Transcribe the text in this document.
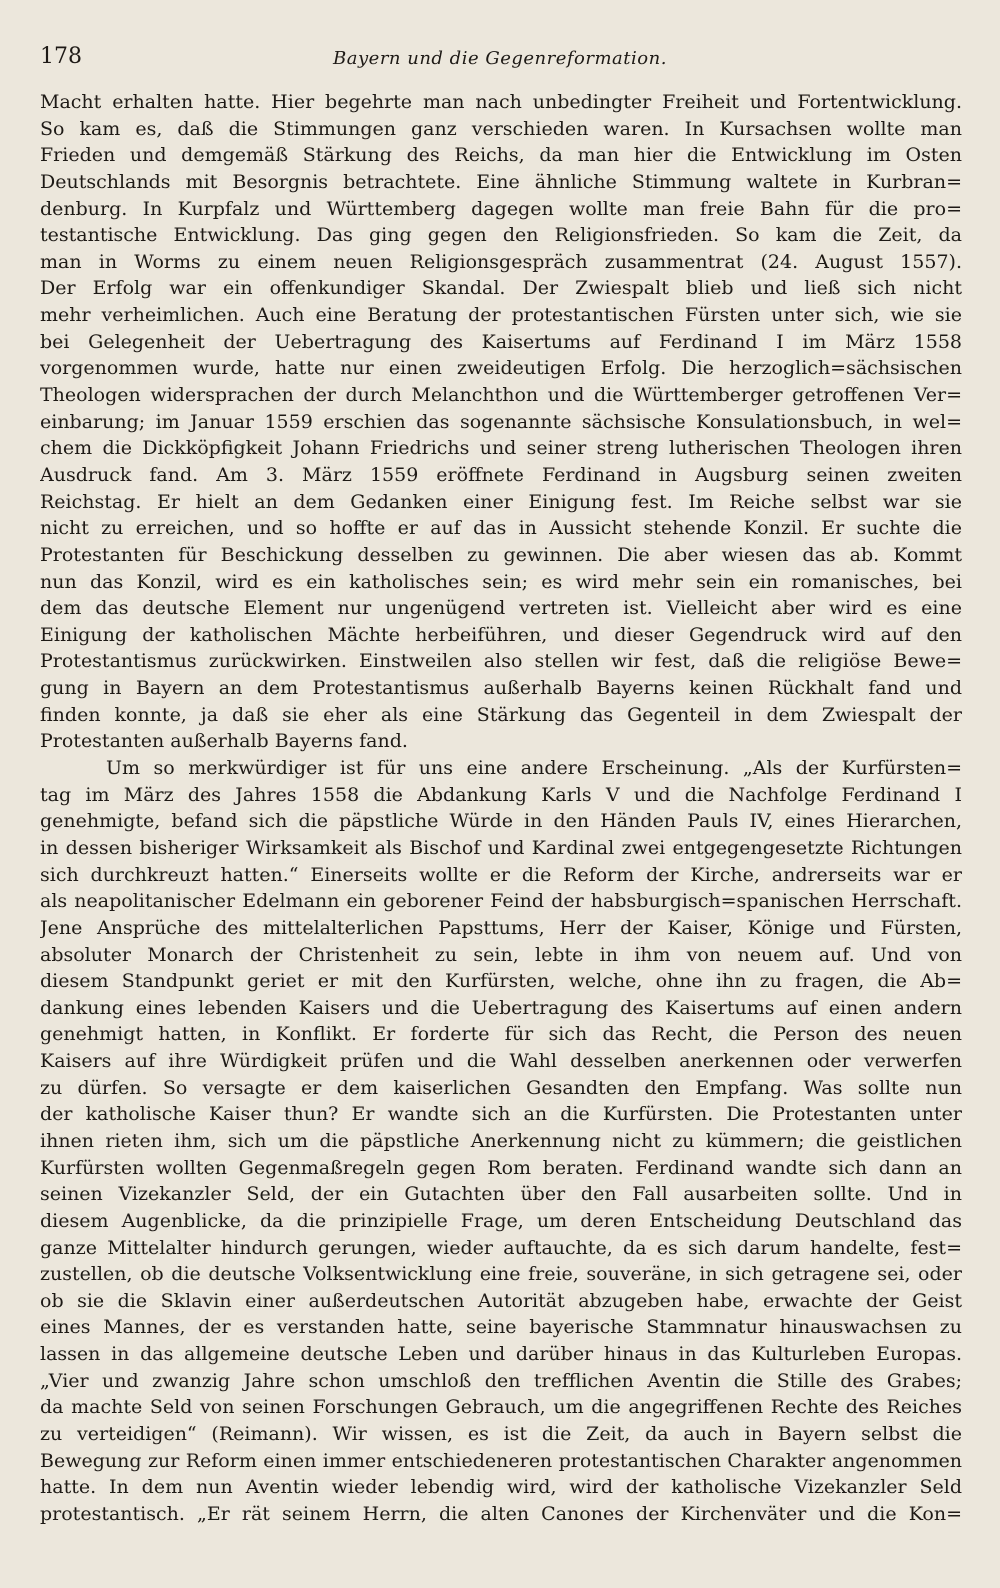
178	Bayern und die Gegenreformation.
Macht erhalten hatte. Hier begehrte man nach unbedingter Freiheit und Fortentwicklung.
So kam es, daß die Stimmungen ganz verschieden waren. In Kursachsen wollte man
Frieden und demgemäß Stärkung des Reichs, da man hier die Entwicklung im Osten
Deutschlands mit Besorgnis betrachtete. Eine ähnliche Stimmung waltete in Kurbran=
denburg. In Kurpfalz und Württemberg dagegen wollte man freie Bahn für die pro=
testantische Entwicklung. Das ging gegen den Religionsfrieden. So kam die Zeit, da
man in Worms zu einem neuen Religionsgespräch zusammentrat (24. August 1557).
Der Erfolg war ein offenkundiger Skandal. Der Zwiespalt blieb und ließ sich nicht
mehr verheimlichen. Auch eine Beratung der protestantischen Fürsten unter sich, wie sie
bei Gelegenheit der Uebertragung des Kaisertums auf Ferdinand I im März 1558
vorgenommen wurde, hatte nur einen zweideutigen Erfolg. Die herzoglich=sächsischen
Theologen widersprachen der durch Melanchthon und die Württemberger getroffenen Ver=
einbarung; im Januar 1559 erschien das sogenannte sächsische Konsulationsbuch, in wel=
chem die Dickköpfigkeit Johann Friedrichs und seiner streng lutherischen Theologen ihren
Ausdruck fand. Am 3. März 1559 eröffnete Ferdinand in Augsburg seinen zweiten
Reichstag. Er hielt an dem Gedanken einer Einigung fest. Im Reiche selbst war sie
nicht zu erreichen, und so hoffte er auf das in Aussicht stehende Konzil. Er suchte die
Protestanten für Beschickung desselben zu gewinnen. Die aber wiesen das ab. Kommt
nun das Konzil, wird es ein katholisches sein; es wird mehr sein ein romanisches, bei
dem das deutsche Element nur ungenügend vertreten ist. Vielleicht aber wird es eine
Einigung der katholischen Mächte herbeiführen, und dieser Gegendruck wird auf den
Protestantismus zurückwirken. Einstweilen also stellen wir fest, daß die religiöse Bewe=
gung in Bayern an dem Protestantismus außerhalb Bayerns keinen Rückhalt fand und
finden konnte, ja daß sie eher als eine Stärkung das Gegenteil in dem Zwiespalt der
Protestanten außerhalb Bayerns fand.
Um so merkwürdiger ist für uns eine andere Erscheinung. „Als der Kurfürsten=
tag im März des Jahres 1558 die Abdankung Karls V und die Nachfolge Ferdinand I
genehmigte, befand sich die päpstliche Würde in den Händen Pauls IV, eines Hierarchen,
in dessen bisheriger Wirksamkeit als Bischof und Kardinal zwei entgegengesetzte Richtungen
sich durchkreuzt hatten.“ Einerseits wollte er die Reform der Kirche, andrerseits war er
als neapolitanischer Edelmann ein geborener Feind der habsburgisch=spanischen Herrschaft.
Jene Ansprüche des mittelalterlichen Papsttums, Herr der Kaiser, Könige und Fürsten,
absoluter Monarch der Christenheit zu sein, lebte in ihm von neuem auf. Und von
diesem Standpunkt geriet er mit den Kurfürsten, welche, ohne ihn zu fragen, die Ab=
dankung eines lebenden Kaisers und die Uebertragung des Kaisertums auf einen andern
genehmigt hatten, in Konflikt. Er forderte für sich das Recht, die Person des neuen
Kaisers auf ihre Würdigkeit prüfen und die Wahl desselben anerkennen oder verwerfen
zu dürfen. So versagte er dem kaiserlichen Gesandten den Empfang. Was sollte nun
der katholische Kaiser thun? Er wandte sich an die Kurfürsten. Die Protestanten unter
ihnen rieten ihm, sich um die päpstliche Anerkennung nicht zu kümmern; die geistlichen
Kurfürsten wollten Gegenmaßregeln gegen Rom beraten. Ferdinand wandte sich dann an
seinen Vizekanzler Seld, der ein Gutachten über den Fall ausarbeiten sollte. Und in
diesem Augenblicke, da die prinzipielle Frage, um deren Entscheidung Deutschland das
ganze Mittelalter hindurch gerungen, wieder auftauchte, da es sich darum handelte, fest=
zustellen, ob die deutsche Volksentwicklung eine freie, souveräne, in sich getragene sei, oder
ob sie die Sklavin einer außerdeutschen Autorität abzugeben habe, erwachte der Geist
eines Mannes, der es verstanden hatte, seine bayerische Stammnatur hinauswachsen zu
lassen in das allgemeine deutsche Leben und darüber hinaus in das Kulturleben Europas.
„Vier und zwanzig Jahre schon umschloß den trefflichen Aventin die Stille des Grabes;
da machte Seld von seinen Forschungen Gebrauch, um die angegriffenen Rechte des Reiches
zu verteidigen“ (Reimann). Wir wissen, es ist die Zeit, da auch in Bayern selbst die
Bewegung zur Reform einen immer entschiedeneren protestantischen Charakter angenommen
hatte. In dem nun Aventin wieder lebendig wird, wird der katholische Vizekanzler Seld
protestantisch. „Er rät seinem Herrn, die alten Canones der Kirchenväter und die Kon=
